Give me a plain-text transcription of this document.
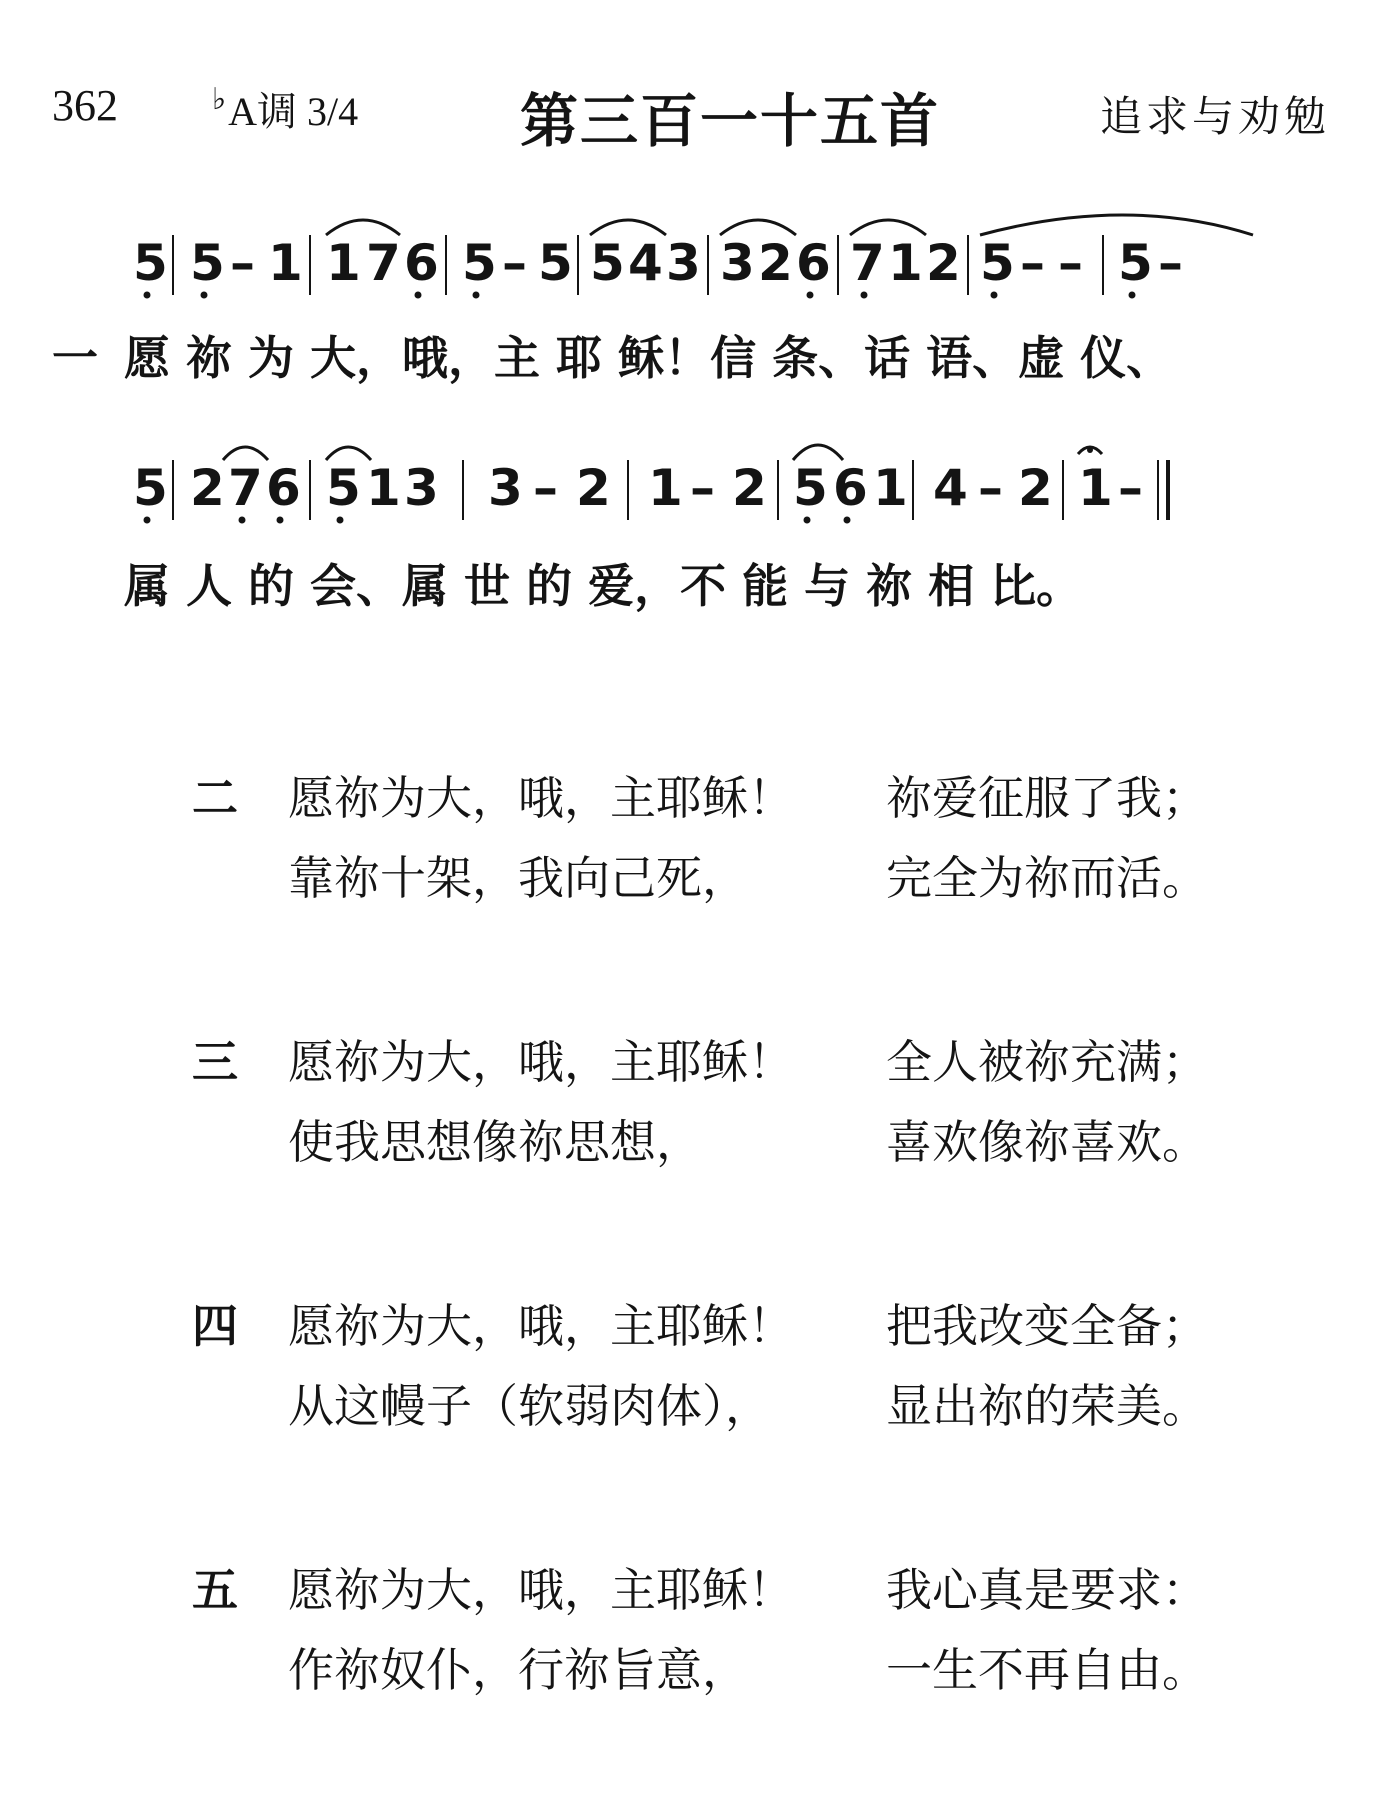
362	♭A调 3/4	第三百一十五首	追求与劝勉
5 5 – 1 1 7 6 5 – 5 5 4 3 3 2 6 7 1 2 5 – – 5 –
一 愿 祢 为 大，哦，主 耶 稣！信 条、话 语、虚 仪、
5 2 7 6 5 1 3 3 – 2 1 – 2 5 6 1 4 – 2 1 –
属 人 的 会、属 世 的 爱，不 能 与 祢 相 比。
二 愿祢为大，哦，主耶稣！ 祢爱征服了我；
靠祢十架，我向己死，	完全为祢而活。
三 愿祢为大，哦，主耶稣！ 全人被祢充满；
使我思想像祢思想，	喜欢像祢喜欢。
四 愿祢为大，哦，主耶稣！ 把我改变全备；
从这幔子（软弱肉体），	显出祢的荣美。
五 愿祢为大，哦，主耶稣！ 我心真是要求：
作祢奴仆，行祢旨意，	一生不再自由。
